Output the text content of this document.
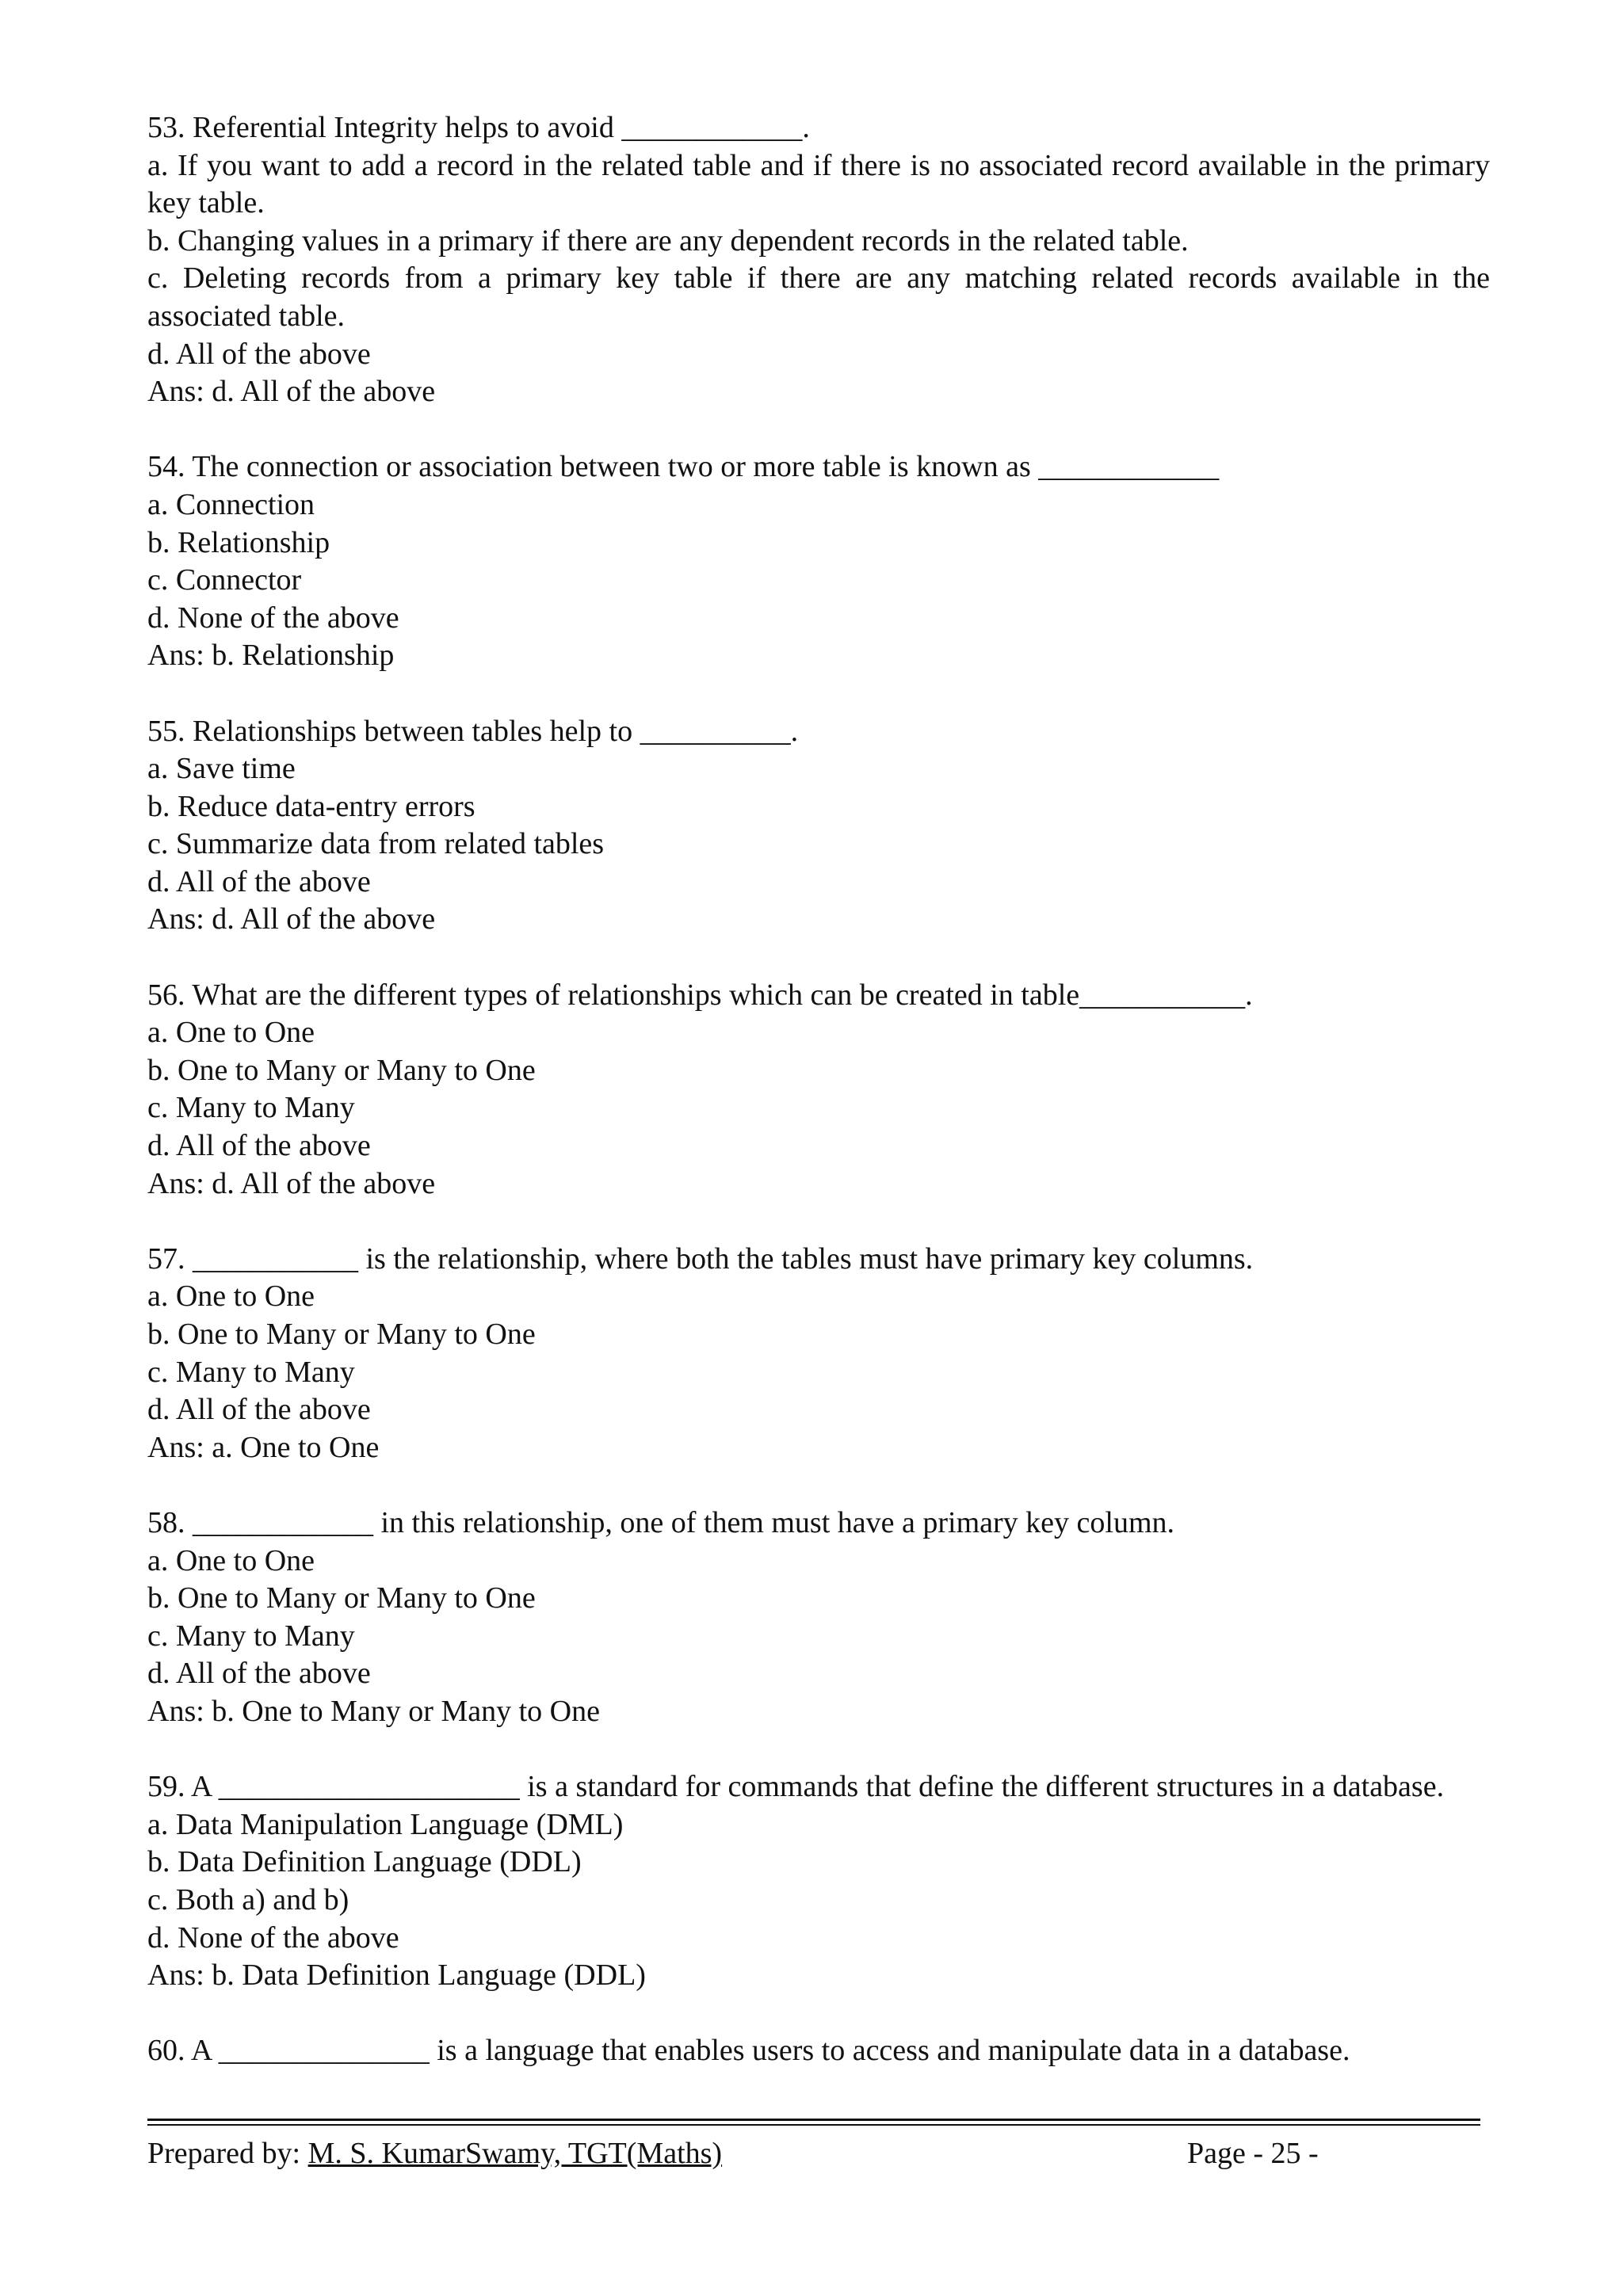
53. Referential Integrity helps to avoid ____________.
a. If you want to add a record in the related table and if there is no associated record available in the primary key table.
b. Changing values in a primary if there are any dependent records in the related table.
c. Deleting records from a primary key table if there are any matching related records available in the associated table.
d. All of the above
Ans: d. All of the above
54. The connection or association between two or more table is known as ____________
a. Connection
b. Relationship
c. Connector
d. None of the above
Ans: b. Relationship
55. Relationships between tables help to __________.
a. Save time
b. Reduce data-entry errors
c. Summarize data from related tables
d. All of the above
Ans: d. All of the above
56. What are the different types of relationships which can be created in table___________.
a. One to One
b. One to Many or Many to One
c. Many to Many
d. All of the above
Ans: d. All of the above
57. ___________ is the relationship, where both the tables must have primary key columns.
a. One to One
b. One to Many or Many to One
c. Many to Many
d. All of the above
Ans: a. One to One
58. ____________ in this relationship, one of them must have a primary key column.
a. One to One
b. One to Many or Many to One
c. Many to Many
d. All of the above
Ans: b. One to Many or Many to One
59. A ____________________ is a standard for commands that define the different structures in a database.
a. Data Manipulation Language (DML)
b. Data Definition Language (DDL)
c. Both a) and b)
d. None of the above
Ans: b. Data Definition Language (DDL)
60. A ______________ is a language that enables users to access and manipulate data in a database.
Prepared by: M. S. KumarSwamy, TGT(Maths)	Page - 25 -
